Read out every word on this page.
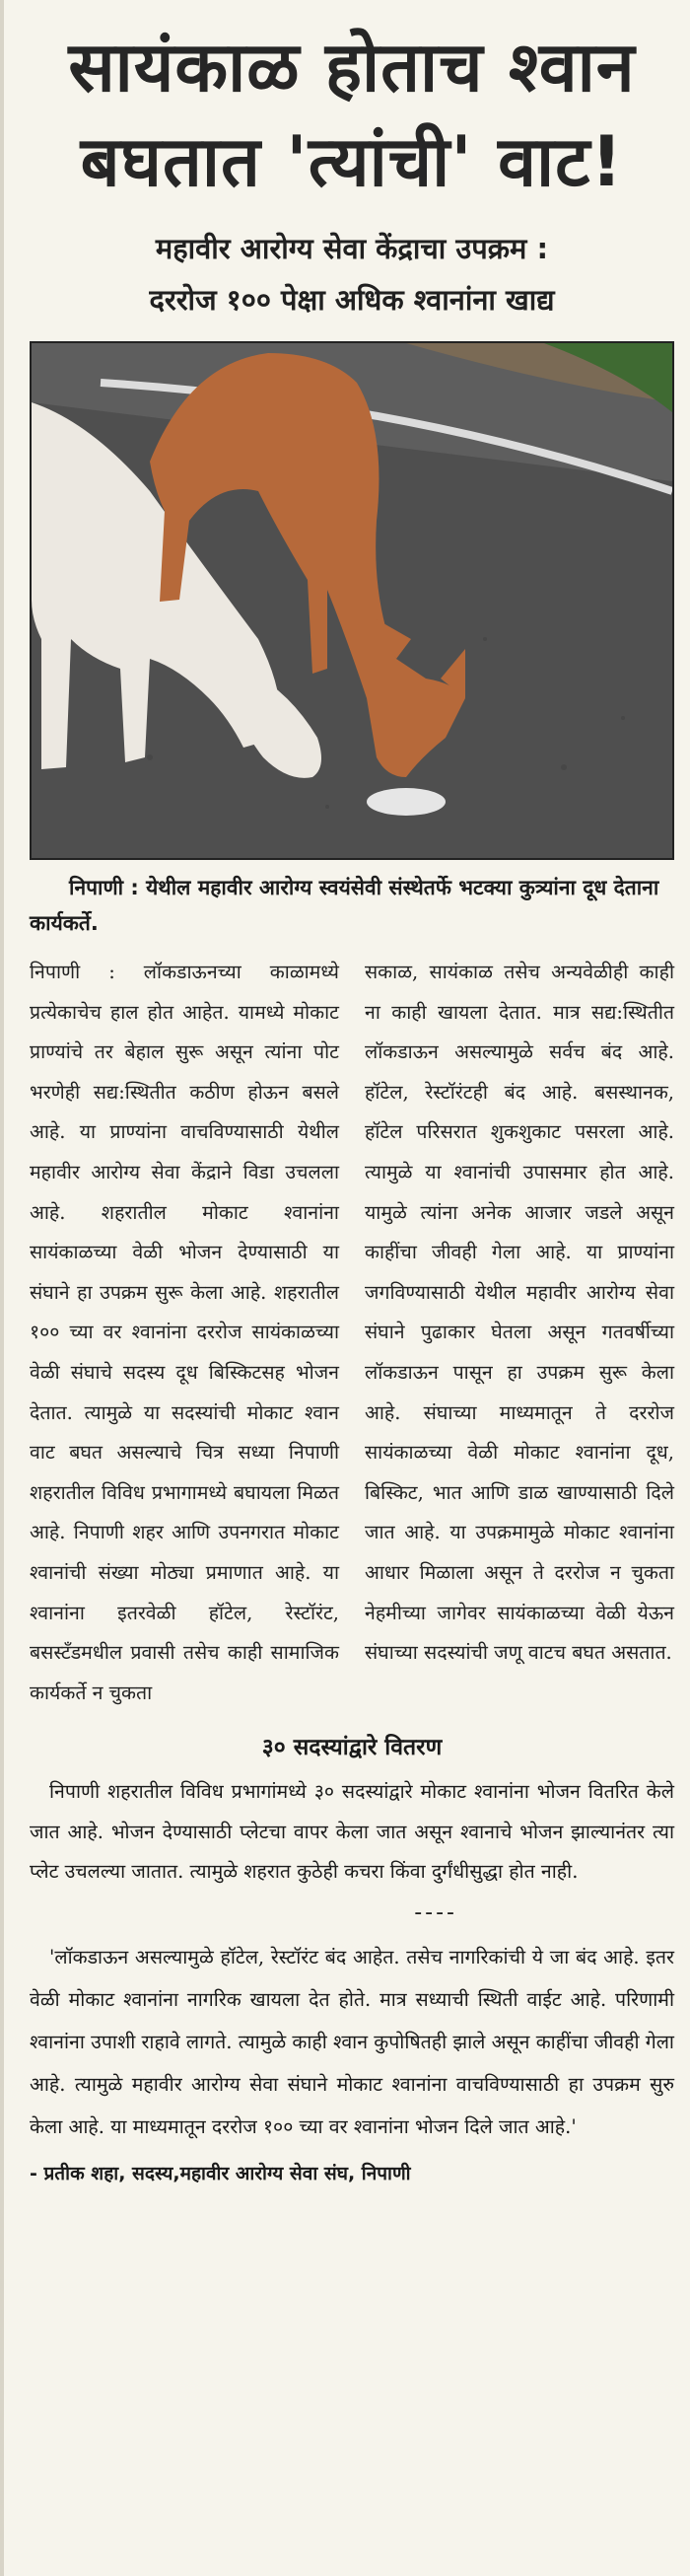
सायंकाळ होताच श्वान
बघतात 'त्यांची' वाट!
महावीर आरोग्य सेवा केंद्राचा उपक्रम :
दररोज १०० पेक्षा अधिक श्वानांना खाद्य
निपाणी : येथील महावीर आरोग्य स्वयंसेवी संस्थेतर्फे भटक्या कुत्र्यांना दूध देताना कार्यकर्ते.

निपाणी : लॉकडाऊनच्या काळामध्ये प्रत्येकाचेच हाल होत आहेत. यामध्ये मोकाट प्राण्यांचे तर बेहाल सुरू असून त्यांना पोट भरणेही सद्य:स्थितीत कठीण होऊन बसले आहे. या प्राण्यांना वाचविण्यासाठी येथील महावीर आरोग्य सेवा केंद्राने विडा उचलला आहे. शहरातील मोकाट श्वानांना सायंकाळच्या वेळी भोजन देण्यासाठी या संघाने हा उपक्रम सुरू केला आहे. शहरातील १०० च्या वर श्वानांना दररोज सायंकाळच्या वेळी संघाचे सदस्य दूध बिस्किटसह भोजन देतात. त्यामुळे या सदस्यांची मोकाट श्वान वाट बघत असल्याचे चित्र सध्या निपाणी शहरातील विविध प्रभागामध्ये बघायला मिळत आहे. निपाणी शहर आणि उपनगरात मोकाट श्वानांची संख्या मोठ्या प्रमाणात आहे. या श्वानांना इतरवेळी हॉटेल, रेस्टॉरंट, बसस्टँडमधील प्रवासी तसेच काही सामाजिक कार्यकर्ते न चुकता

सकाळ, सायंकाळ तसेच अन्यवेळीही काही ना काही खायला देतात. मात्र सद्य:स्थितीत लॉकडाऊन असल्यामुळे सर्वच बंद आहे. हॉटेल, रेस्टॉरंटही बंद आहे. बसस्थानक, हॉटेल परिसरात शुकशुकाट पसरला आहे. त्यामुळे या श्वानांची उपासमार होत आहे. यामुळे त्यांना अनेक आजार जडले असून काहींचा जीवही गेला आहे. या प्राण्यांना जगविण्यासाठी येथील महावीर आरोग्य सेवा संघाने पुढाकार घेतला असून गतवर्षीच्या लॉकडाऊन पासून हा उपक्रम सुरू केला आहे. संघाच्या माध्यमातून ते दररोज सायंकाळच्या वेळी मोकाट श्वानांना दूध, बिस्किट, भात आणि डाळ खाण्यासाठी दिले जात आहे. या उपक्रमामुळे मोकाट श्वानांना आधार मिळाला असून ते दररोज न चुकता नेहमीच्या जागेवर सायंकाळच्या वेळी येऊन संघाच्या सदस्यांची जणू वाटच बघत असतात.

३० सदस्यांद्वारे वितरण

निपाणी शहरातील विविध प्रभागांमध्ये ३० सदस्यांद्वारे मोकाट श्वानांना भोजन वितरित केले जात आहे. भोजन देण्यासाठी प्लेटचा वापर केला जात असून श्वानाचे भोजन झाल्यानंतर त्या प्लेट उचलल्या जातात. त्यामुळे शहरात कुठेही कचरा किंवा दुर्गंधीसुद्धा होत नाही.

----

'लॉकडाऊन असल्यामुळे हॉटेल, रेस्टॉरंट बंद आहेत. तसेच नागरिकांची ये जा बंद आहे. इतर वेळी मोकाट श्वानांना नागरिक खायला देत होते. मात्र सध्याची स्थिती वाईट आहे. परिणामी श्वानांना उपाशी राहावे लागते. त्यामुळे काही श्वान कुपोषितही झाले असून काहींचा जीवही गेला आहे. त्यामुळे महावीर आरोग्य सेवा संघाने मोकाट श्वानांना वाचविण्यासाठी हा उपक्रम सुरु केला आहे. या माध्यमातून दररोज १०० च्या वर श्वानांना भोजन दिले जात आहे.'

- प्रतीक शहा, सदस्य,महावीर आरोग्य सेवा संघ, निपाणी
